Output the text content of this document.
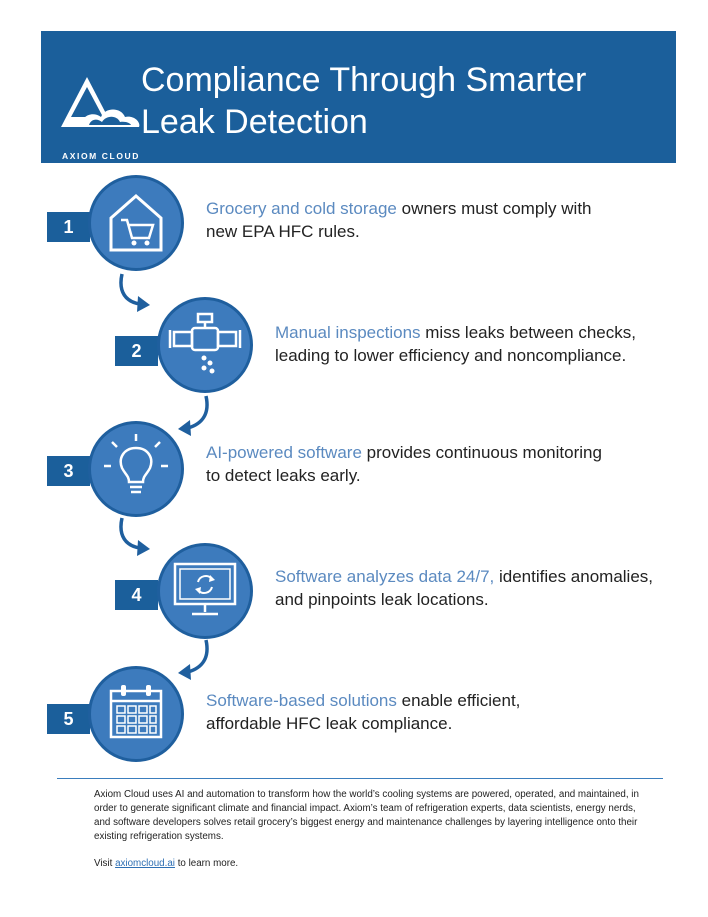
AXIOM CLOUD
Compliance Through Smarter Leak Detection
1
Grocery and cold storage owners must comply with new EPA HFC rules.
2
Manual inspections miss leaks between checks, leading to lower efficiency and noncompliance.
3
AI-powered software provides continuous monitoring to detect leaks early.
4
Software analyzes data 24/7, identifies anomalies, and pinpoints leak locations.
5
Software-based solutions enable efficient, affordable HFC leak compliance.
Axiom Cloud uses AI and automation to transform how the world’s cooling systems are powered, operated, and maintained, in order to generate significant climate and financial impact. Axiom’s team of refrigeration experts, data scientists, energy nerds, and software developers solves retail grocery’s biggest energy and maintenance challenges by layering intelligence onto their existing refrigeration systems.
Visit axiomcloud.ai to learn more.
